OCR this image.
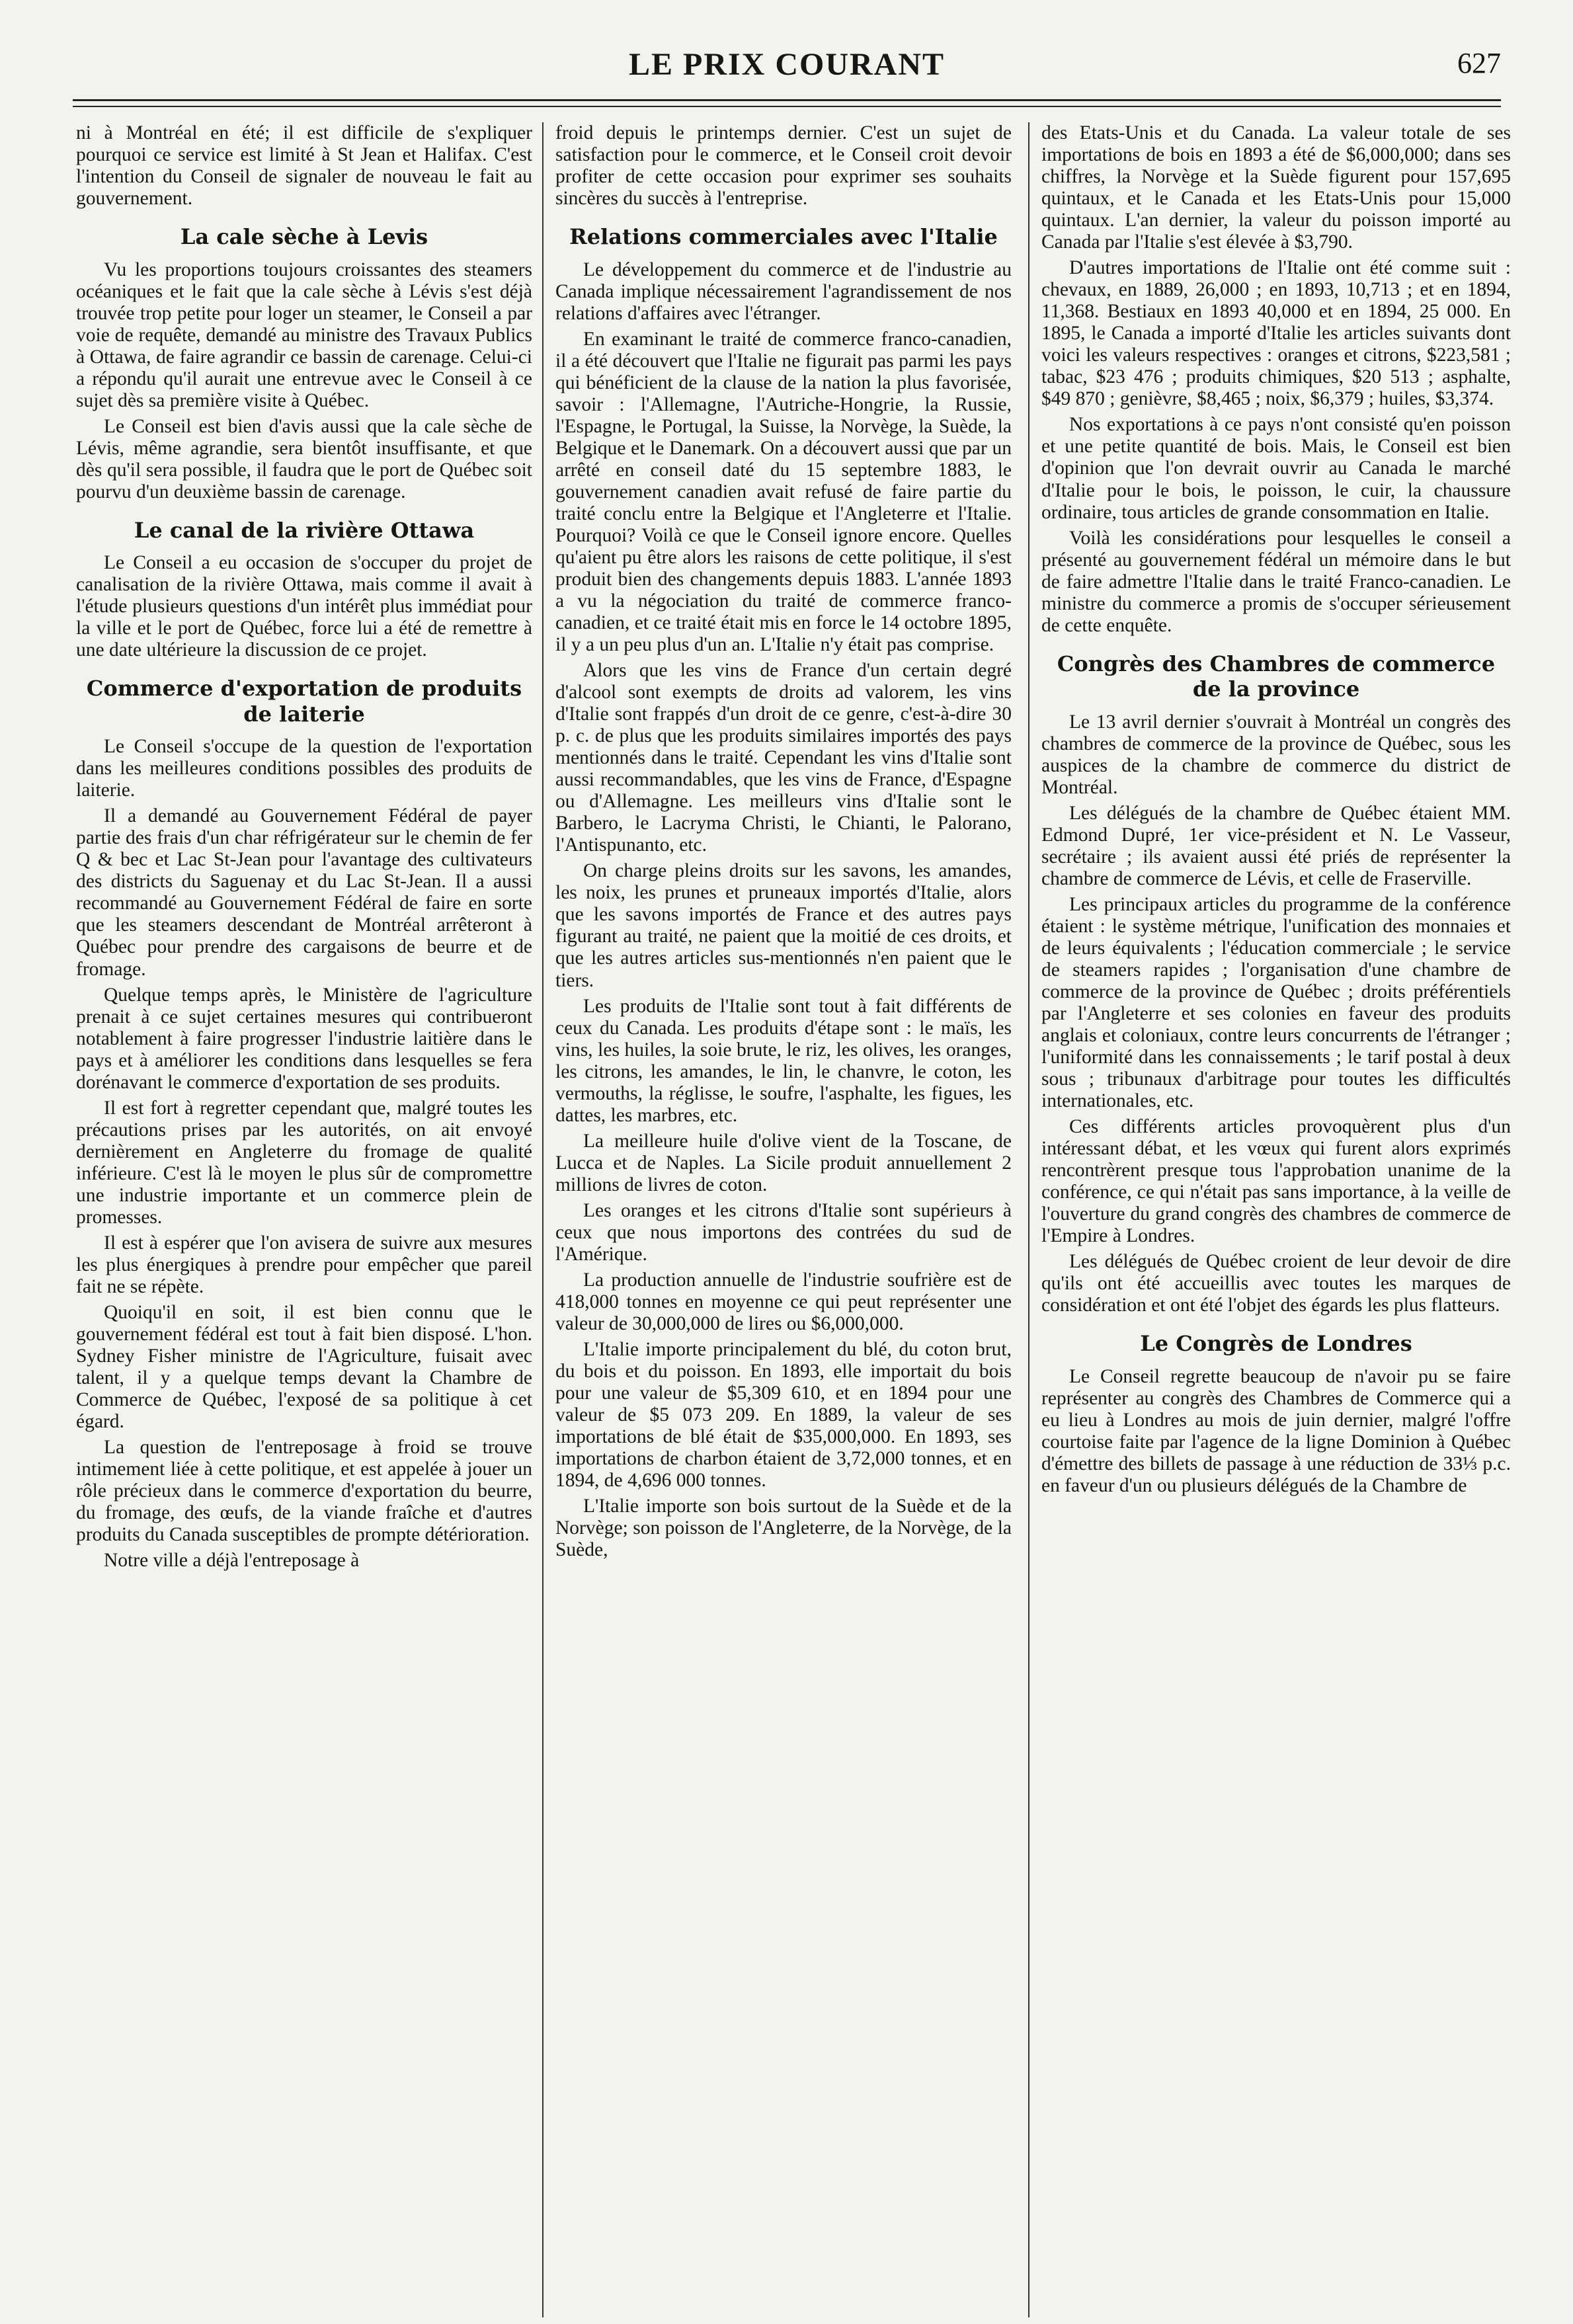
LE PRIX COURANT	627

ni à Montréal en été; il est difficile de s'expliquer pourquoi ce service est limité à St Jean et Halifax. C'est l'intention du Conseil de signaler de nouveau le fait au gouvernement.

La cale sèche à Levis

Vu les proportions toujours croissantes des steamers océaniques et le fait que la cale sèche à Lévis s'est déjà trouvée trop petite pour loger un steamer, le Conseil a par voie de requête, demandé au ministre des Travaux Publics à Ottawa, de faire agrandir ce bassin de carenage. Celui-ci a répondu qu'il aurait une entrevue avec le Conseil à ce sujet dès sa première visite à Québec.

Le Conseil est bien d'avis aussi que la cale sèche de Lévis, même agrandie, sera bientôt insuffisante, et que dès qu'il sera possible, il faudra que le port de Québec soit pourvu d'un deuxième bassin de carenage.

Le canal de la rivière Ottawa

Le Conseil a eu occasion de s'occuper du projet de canalisation de la rivière Ottawa, mais comme il avait à l'étude plusieurs questions d'un intérêt plus immédiat pour la ville et le port de Québec, force lui a été de remettre à une date ultérieure la discussion de ce projet.

Commerce d'exportation de produits de laiterie

Le Conseil s'occupe de la question de l'exportation dans les meilleures conditions possibles des produits de laiterie.

Il a demandé au Gouvernement Fédéral de payer partie des frais d'un char réfrigérateur sur le chemin de fer Q & bec et Lac St-Jean pour l'avantage des cultivateurs des districts du Saguenay et du Lac St-Jean. Il a aussi recommandé au Gouvernement Fédéral de faire en sorte que les steamers descendant de Montréal arrêteront à Québec pour prendre des cargaisons de beurre et de fromage.

Quelque temps après, le Ministère de l'agriculture prenait à ce sujet certaines mesures qui contribueront notablement à faire progresser l'industrie laitière dans le pays et à améliorer les conditions dans lesquelles se fera dorénavant le commerce d'exportation de ses produits.

Il est fort à regretter cependant que, malgré toutes les précautions prises par les autorités, on ait envoyé dernièrement en Angleterre du fromage de qualité inférieure. C'est là le moyen le plus sûr de compromettre une industrie importante et un commerce plein de promesses.

Il est à espérer que l'on avisera de suivre aux mesures les plus énergiques à prendre pour empêcher que pareil fait ne se répète.

Quoiqu'il en soit, il est bien connu que le gouvernement fédéral est tout à fait bien disposé. L'hon. Sydney Fisher ministre de l'Agriculture, fuisait avec talent, il y a quelque temps devant la Chambre de Commerce de Québec, l'exposé de sa politique à cet égard.

La question de l'entreposage à froid se trouve intimement liée à cette politique, et est appelée à jouer un rôle précieux dans le commerce d'exportation du beurre, du fromage, des œufs, de la viande fraîche et d'autres produits du Canada susceptibles de prompte détérioration.

Notre ville a déjà l'entreposage à

froid depuis le printemps dernier. C'est un sujet de satisfaction pour le commerce, et le Conseil croit devoir profiter de cette occasion pour exprimer ses souhaits sincères du succès à l'entreprise.

Relations commerciales avec l'Italie

Le développement du commerce et de l'industrie au Canada implique nécessairement l'agrandissement de nos relations d'affaires avec l'étranger.

En examinant le traité de commerce franco-canadien, il a été découvert que l'Italie ne figurait pas parmi les pays qui bénéficient de la clause de la nation la plus favorisée, savoir : l'Allemagne, l'Autriche-Hongrie, la Russie, l'Espagne, le Portugal, la Suisse, la Norvège, la Suède, la Belgique et le Danemark. On a découvert aussi que par un arrêté en conseil daté du 15 septembre 1883, le gouvernement canadien avait refusé de faire partie du traité conclu entre la Belgique et l'Angleterre et l'Italie. Pourquoi? Voilà ce que le Conseil ignore encore. Quelles qu'aient pu être alors les raisons de cette politique, il s'est produit bien des changements depuis 1883. L'année 1893 a vu la négociation du traité de commerce franco-canadien, et ce traité était mis en force le 14 octobre 1895, il y a un peu plus d'un an. L'Italie n'y était pas comprise.

Alors que les vins de France d'un certain degré d'alcool sont exempts de droits ad valorem, les vins d'Italie sont frappés d'un droit de ce genre, c'est-à-dire 30 p. c. de plus que les produits similaires importés des pays mentionnés dans le traité. Cependant les vins d'Italie sont aussi recommandables, que les vins de France, d'Espagne ou d'Allemagne. Les meilleurs vins d'Italie sont le Barbero, le Lacryma Christi, le Chianti, le Palorano, l'Antispunanto, etc.

On charge pleins droits sur les savons, les amandes, les noix, les prunes et pruneaux importés d'Italie, alors que les savons importés de France et des autres pays figurant au traité, ne paient que la moitié de ces droits, et que les autres articles sus-mentionnés n'en paient que le tiers.

Les produits de l'Italie sont tout à fait différents de ceux du Canada. Les produits d'étape sont : le maïs, les vins, les huiles, la soie brute, le riz, les olives, les oranges, les citrons, les amandes, le lin, le chanvre, le coton, les vermouths, la réglisse, le soufre, l'asphalte, les figues, les dattes, les marbres, etc.

La meilleure huile d'olive vient de la Toscane, de Lucca et de Naples. La Sicile produit annuellement 2 millions de livres de coton.

Les oranges et les citrons d'Italie sont supérieurs à ceux que nous importons des contrées du sud de l'Amérique.

La production annuelle de l'industrie soufrière est de 418,000 tonnes en moyenne ce qui peut représenter une valeur de 30,000,000 de lires ou $6,000,000.

L'Italie importe principalement du blé, du coton brut, du bois et du poisson. En 1893, elle importait du bois pour une valeur de $5,309 610, et en 1894 pour une valeur de $5 073 209. En 1889, la valeur de ses importations de blé était de $35,000,000. En 1893, ses importations de charbon étaient de 3,72,000 tonnes, et en 1894, de 4,696 000 tonnes.

L'Italie importe son bois surtout de la Suède et de la Norvège; son poisson de l'Angleterre, de la Norvège, de la Suède,

des Etats-Unis et du Canada. La valeur totale de ses importations de bois en 1893 a été de $6,000,000; dans ses chiffres, la Norvège et la Suède figurent pour 157,695 quintaux, et le Canada et les Etats-Unis pour 15,000 quintaux. L'an dernier, la valeur du poisson importé au Canada par l'Italie s'est élevée à $3,790.

D'autres importations de l'Italie ont été comme suit : chevaux, en 1889, 26,000 ; en 1893, 10,713 ; et en 1894, 11,368. Bestiaux en 1893 40,000 et en 1894, 25 000. En 1895, le Canada a importé d'Italie les articles suivants dont voici les valeurs respectives : oranges et citrons, $223,581 ; tabac, $23 476 ; produits chimiques, $20 513 ; asphalte, $49 870 ; genièvre, $8,465 ; noix, $6,379 ; huiles, $3,374.

Nos exportations à ce pays n'ont consisté qu'en poisson et une petite quantité de bois. Mais, le Conseil est bien d'opinion que l'on devrait ouvrir au Canada le marché d'Italie pour le bois, le poisson, le cuir, la chaussure ordinaire, tous articles de grande consommation en Italie.

Voilà les considérations pour lesquelles le conseil a présenté au gouvernement fédéral un mémoire dans le but de faire admettre l'Italie dans le traité Franco-canadien. Le ministre du commerce a promis de s'occuper sérieusement de cette enquête.

Congrès des Chambres de commerce de la province

Le 13 avril dernier s'ouvrait à Montréal un congrès des chambres de commerce de la province de Québec, sous les auspices de la chambre de commerce du district de Montréal.

Les délégués de la chambre de Québec étaient MM. Edmond Dupré, 1er vice-président et N. Le Vasseur, secrétaire ; ils avaient aussi été priés de représenter la chambre de commerce de Lévis, et celle de Fraserville.

Les principaux articles du programme de la conférence étaient : le système métrique, l'unification des monnaies et de leurs équivalents ; l'éducation commerciale ; le service de steamers rapides ; l'organisation d'une chambre de commerce de la province de Québec ; droits préférentiels par l'Angleterre et ses colonies en faveur des produits anglais et coloniaux, contre leurs concurrents de l'étranger ; l'uniformité dans les connaissements ; le tarif postal à deux sous ; tribunaux d'arbitrage pour toutes les difficultés internationales, etc.

Ces différents articles provoquèrent plus d'un intéressant débat, et les vœux qui furent alors exprimés rencontrèrent presque tous l'approbation unanime de la conférence, ce qui n'était pas sans importance, à la veille de l'ouverture du grand congrès des chambres de commerce de l'Empire à Londres.

Les délégués de Québec croient de leur devoir de dire qu'ils ont été accueillis avec toutes les marques de considération et ont été l'objet des égards les plus flatteurs.

Le Congrès de Londres

Le Conseil regrette beaucoup de n'avoir pu se faire représenter au congrès des Chambres de Commerce qui a eu lieu à Londres au mois de juin dernier, malgré l'offre courtoise faite par l'agence de la ligne Dominion à Québec d'émettre des billets de passage à une réduction de 33⅓ p.c. en faveur d'un ou plusieurs délégués de la Chambre de
